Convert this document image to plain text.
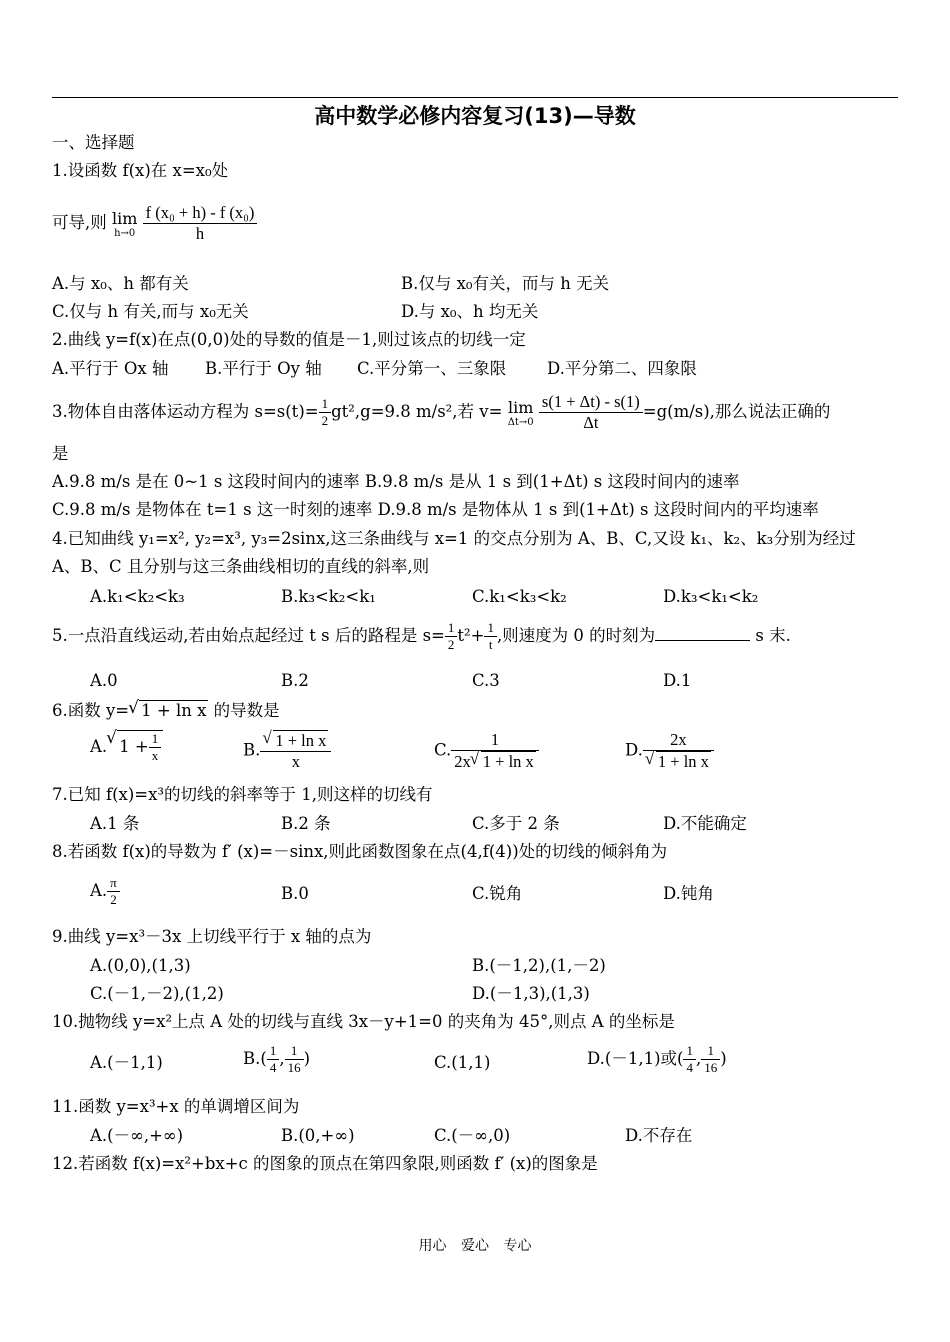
高中数学必修内容复习(13)—导数
一、选择题
1.设函数 f(x)在 x=x₀处
可导,则 lim
h→0
$\frac{\text{f (x₀ + h) - f (x₀)}}{h}$
A.与 x₀、h 都有关	B.仅与 x₀有关，而与 h 无关
C.仅与 h 有关,而与 x₀无关	D.与 x₀、h 均无关
2.曲线 y=f(x)在点(0,0)处的导数的值是－1,则过该点的切线一定
A.平行于 Ox 轴 B.平行于 Oy 轴 C.平分第一、三象限 D.平分第二、四象限
3.物体自由落体运动方程为 $s=s(t)= \frac{1}{2} gt^2,g=9.8$ m/s²,若 v= lim
Δt→0
$\frac{s(1 + \Delta t) - s(1)}{\Delta t} =g(m/s)$,那么说法正确的
是
A.9.8 m/s 是在 0~1 s 这段时间内的速率 B.9.8 m/s 是从 1 s 到(1+Δt) s 这段时间内的速率
C.9.8 m/s 是物体在 t=1 s 这一时刻的速率 D.9.8 m/s 是物体从 1 s 到(1+Δt) s 这段时间内的平均速率
4.已知曲线 y₁=x², y₂=x³, y₃=2sinx,这三条曲线与 x=1 的交点分别为 A、B、C,又设 k₁、k₂、k₃分别为经过
A、B、C 且分别与这三条曲线相切的直线的斜率,则
A.k₁<k₂<k₃	B.k₃<k₂<k₁	C.k₁<k₃<k₂	D.k₃<k₁<k₂
5.一点沿直线运动,若由始点起经过 t s 后的路程是 $s= \frac{1}{2} t^2+ \frac{1}{t}$ ,则速度为 0 的时刻为	s 末.
A.0	B.2	C.3	D.1
6.函数 y= √ 1 + ln x 的导数是
A. √ $1 + \frac{1}{x}$	B. √ $\frac{\text{1 + ln x}}{x}$	C. $\frac{1}{\text{2x √ 1 + ln x}}$	D. 2x
√ 1 + ln x
7.已知 f(x)=x³的切线的斜率等于 1,则这样的切线有
A.1 条	B.2 条	C.多于 2 条	D.不能确定
8.若函数 f(x)的导数为 f′ (x)=－sinx,则此函数图象在点(4,f(4))处的切线的倾斜角为
A. $\frac{\pi}{2}$	B.0	C.锐角	D.钝角
9.曲线 y=x³－3x 上切线平行于 x 轴的点为
A.(0,0),(1,3)	B.(－1,2),(1,－2)
C.(－1,－2),(1,2)	D.(－1,3),(1,3)
10.抛物线 y=x²上点 A 处的切线与直线 3x－y+1=0 的夹角为 45°,则点 A 的坐标是
A.(－1,1)	$B.( \frac{1}{4}$ , $\frac{1}{16}$ )	C.(1,1)	D.(－1,1)或( $\frac{1}{4}$ , $\frac{1}{16}$ )
11.函数 y=x³+x 的单调增区间为
A.(－∞,+∞)	B.(0,+∞)	C.(－∞,0)	D.不存在
12.若函数 f(x)=x²+bx+c 的图象的顶点在第四象限,则函数 f′ (x)的图象是
用心 爱心 专心
